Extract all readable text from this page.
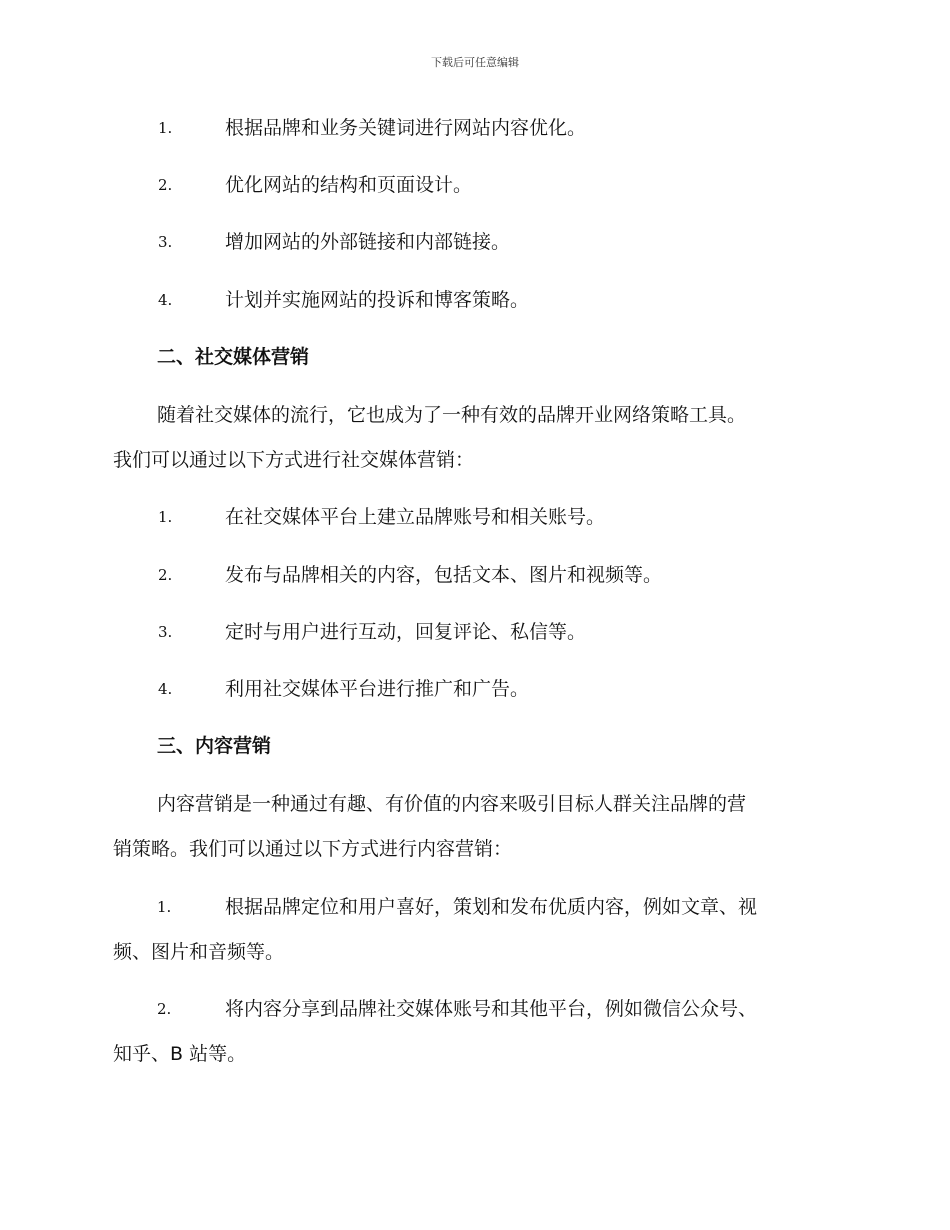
下载后可任意编辑
1.	根据品牌和业务关键词进行网站内容优化。
2.	优化网站的结构和页面设计。
3.	增加网站的外部链接和内部链接。
4.	计划并实施网站的投诉和博客策略。
二、社交媒体营销
随着社交媒体的流行，它也成为了一种有效的品牌开业网络策略工具。
我们可以通过以下方式进行社交媒体营销：
1.	在社交媒体平台上建立品牌账号和相关账号。
2.	发布与品牌相关的内容，包括文本、图片和视频等。
3.	定时与用户进行互动，回复评论、私信等。
4.	利用社交媒体平台进行推广和广告。
三、内容营销
内容营销是一种通过有趣、有价值的内容来吸引目标人群关注品牌的营
销策略。我们可以通过以下方式进行内容营销：
1.	根据品牌定位和用户喜好，策划和发布优质内容，例如文章、视
频、图片和音频等。
2.	将内容分享到品牌社交媒体账号和其他平台，例如微信公众号、
知乎、B 站等。
